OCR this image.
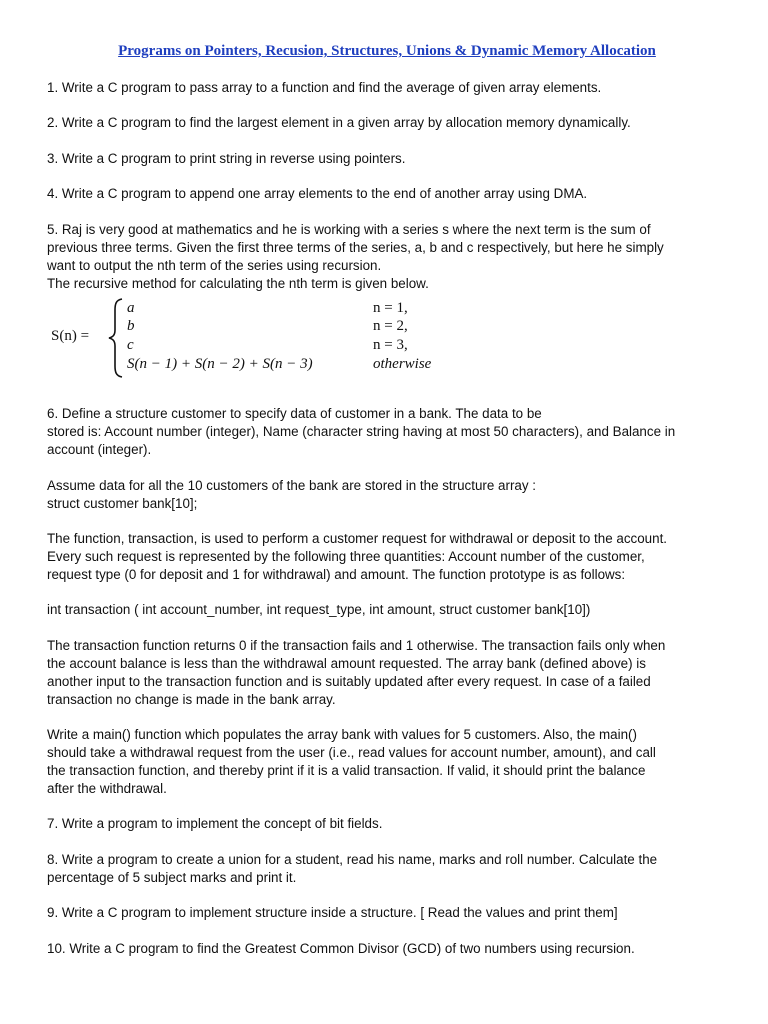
Programs on Pointers, Recusion, Structures, Unions & Dynamic Memory Allocation

1. Write a C program to pass array to a function and find the average of given array elements.

2. Write a C program to find the largest element in a given array by allocation memory dynamically.

3. Write a C program to print string in reverse using pointers.

4. Write a C program to append one array elements to the end of another array using DMA.

5. Raj is very good at mathematics and he is working with a series s where the next term is the sum of

previous three terms. Given the first three terms of the series, a, b and c respectively, but here he simply

want to output the nth term of the series using recursion.

The recursive method for calculating the nth term is given below.

S(n) =
a	n = 1,
b	n = 2,
c	n = 3,
S(n − 1) + S(n − 2) + S(n − 3)	otherwise

6. Define a structure customer to specify data of customer in a bank. The data to be

stored is: Account number (integer), Name (character string having at most 50 characters), and Balance in

account (integer).

Assume data for all the 10 customers of the bank are stored in the structure array :

struct customer bank[10];

The function, transaction, is used to perform a customer request for withdrawal or deposit to the account.

Every such request is represented by the following three quantities: Account number of the customer,

request type (0 for deposit and 1 for withdrawal) and amount. The function prototype is as follows:

int transaction ( int account_number, int request_type, int amount, struct customer bank[10])

The transaction function returns 0 if the transaction fails and 1 otherwise. The transaction fails only when

the account balance is less than the withdrawal amount requested. The array bank (defined above) is

another input to the transaction function and is suitably updated after every request. In case of a failed

transaction no change is made in the bank array.

Write a main() function which populates the array bank with values for 5 customers. Also, the main()

should take a withdrawal request from the user (i.e., read values for account number, amount), and call

the transaction function, and thereby print if it is a valid transaction. If valid, it should print the balance

after the withdrawal.

7. Write a program to implement the concept of bit fields.

8. Write a program to create a union for a student, read his name, marks and roll number. Calculate the

percentage of 5 subject marks and print it.

9. Write a C program to implement structure inside a structure. [ Read the values and print them]

10. Write a C program to find the Greatest Common Divisor (GCD) of two numbers using recursion.
